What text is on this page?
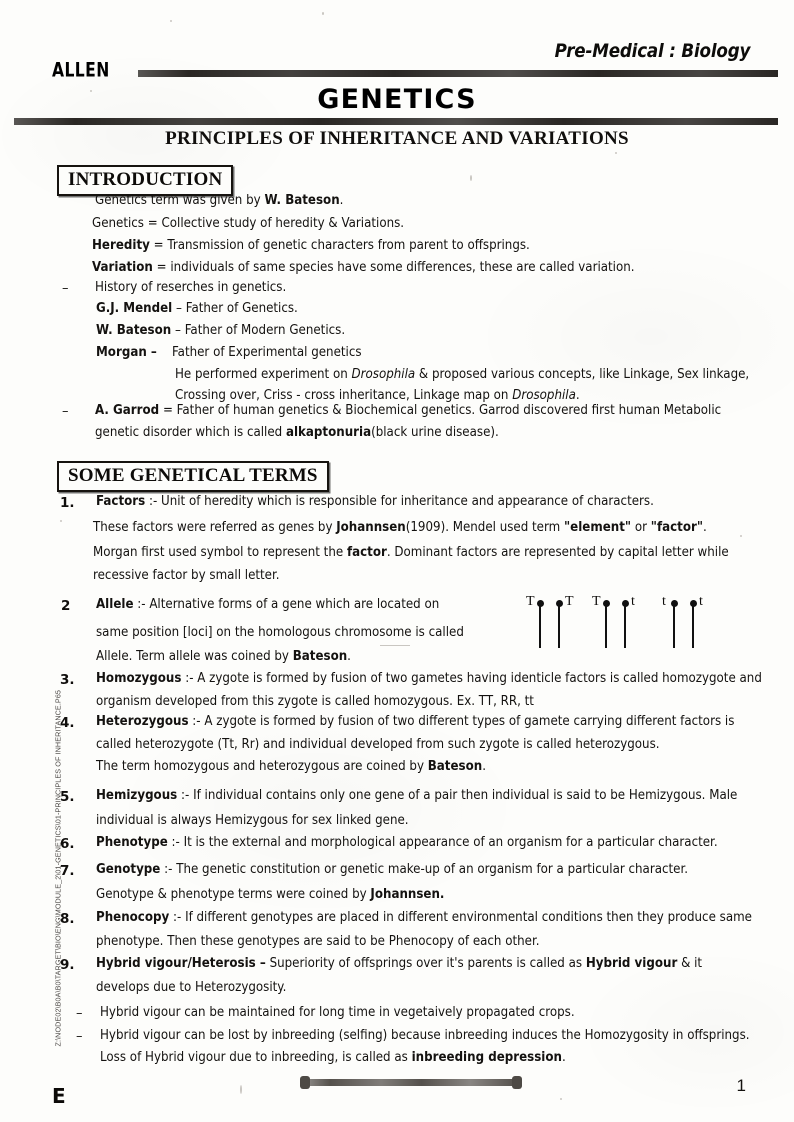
ALLEN
Pre-Medical : Biology
GENETICS
PRINCIPLES OF INHERITANCE AND VARIATIONS
INTRODUCTION
–
–
Genetics term was given by W. Bateson.
Genetics = Collective study of heredity & Variations.
Heredity = Transmission of genetic characters from parent to offsprings.
Variation = individuals of same species have some differences, these are called variation.
History of reserches in genetics.
G.J. Mendel – Father of Genetics.
W. Bateson – Father of Modern Genetics.
Morgan –    Father of Experimental genetics
He performed experiment on Drosophila & proposed various concepts, like Linkage, Sex linkage,
Crossing over, Criss - cross inheritance, Linkage map on Drosophila.
A. Garrod = Father of human genetics & Biochemical genetics. Garrod discovered first human Metabolic
genetic disorder which is called alkaptonuria(black urine disease).
SOME GENETICAL TERMS
1. Factors :- Unit of heredity which is responsible for inheritance and appearance of characters.
These factors were referred as genes by Johannsen(1909). Mendel used term "element" or "factor".
Morgan first used symbol to represent the factor. Dominant factors are represented by capital letter while
recessive factor by small letter.
2 Allele :- Alternative forms of a gene which are located on
same position [loci] on the homologous chromosome is called
Allele. Term allele was coined by Bateson.
T T T t t t
3. Homozygous :- A zygote is formed by fusion of two gametes having identicle factors is called homozygote and
organism developed from this zygote is called homozygous. Ex. TT, RR, tt
4. Heterozygous :- A zygote is formed by fusion of two different types of gamete carrying different factors is
called heterozygote (Tt, Rr) and individual developed from such zygote is called heterozygous.
The term homozygous and heterozygous are coined by Bateson.
5. Hemizygous :- If individual contains only one gene of a pair then individual is said to be Hemizygous. Male
individual is always Hemizygous for sex linked gene.
6. Phenotype :- It is the external and morphological appearance of an organism for a particular character.
7. Genotype :- The genetic constitution or genetic make-up of an organism for a particular character.
Genotype & phenotype terms were coined by Johannsen.
8. Phenocopy :- If different genotypes are placed in different environmental conditions then they produce same
phenotype. Then these genotypes are said to be Phenocopy of each other.
9. Hybrid vigour/Heterosis – Superiority of offsprings over it's parents is called as Hybrid vigour & it
develops due to Heterozygosity.
– Hybrid vigour can be maintained for long time in vegetaively propagated crops.
– Hybrid vigour can be lost by inbreeding (selfing) because inbreeding induces the Homozygosity in offsprings.
Loss of Hybrid vigour due to inbreeding, is called as inbreeding depression.
Z:\NODE02\B0A\B0\TARGET\BIO\ENG\MODULE_2\01-GENETICS\01-PRINCIPLES OF INHERITANCE.P65
E	1
